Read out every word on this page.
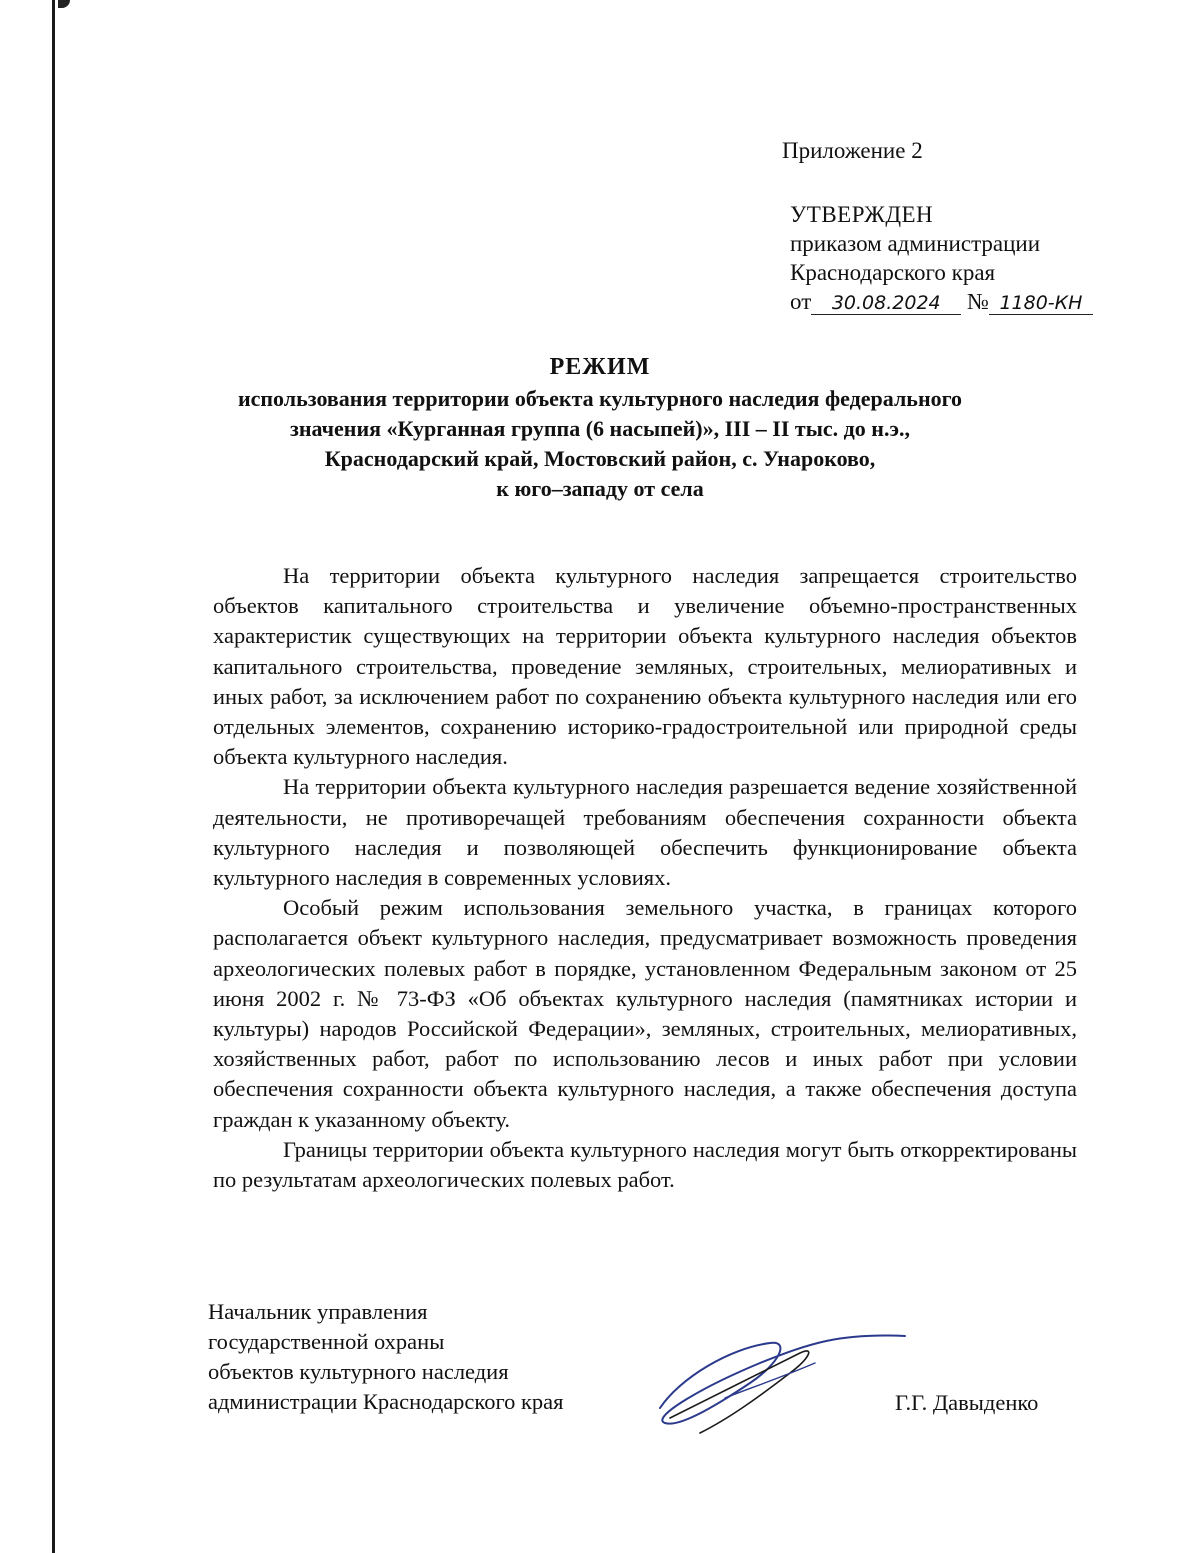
Приложение 2
УТВЕРЖДЕН
приказом администрации
Краснодарского края
от 30.08.2024 № 1180-КН
РЕЖИМ
использования территории объекта культурного наследия федерального
значения «Курганная группа (6 насыпей)», III – II тыс. до н.э.,
Краснодарский край, Мостовский район, с. Унароково,
к юго–западу от села

На территории объекта культурного наследия запрещается строительство объектов капитального строительства и увеличение объемно-пространственных характеристик существующих на территории объекта культурного наследия объектов капитального строительства, проведение земляных, строительных, мелиоративных и иных работ, за исключением работ по сохранению объекта культурного наследия или его отдельных элементов, сохранению историко-градостроительной или природной среды объекта культурного наследия.

На территории объекта культурного наследия разрешается ведение хозяйственной деятельности, не противоречащей требованиям обеспечения сохранности объекта культурного наследия и позволяющей обеспечить функционирование объекта культурного наследия в современных условиях.

Особый режим использования земельного участка, в границах которого располагается объект культурного наследия, предусматривает возможность проведения археологических полевых работ в порядке, установленном Федеральным законом от 25 июня 2002 г. № 73-ФЗ «Об объектах культурного наследия (памятниках истории и культуры) народов Российской Федерации», земляных, строительных, мелиоративных, хозяйственных работ, работ по использованию лесов и иных работ при условии обеспечения сохранности объекта культурного наследия, а также обеспечения доступа граждан к указанному объекту.

Границы территории объекта культурного наследия могут быть откорректированы по результатам археологических полевых работ.

Начальник управления
государственной охраны
объектов культурного наследия
администрации Краснодарского края	Г.Г. Давыденко
